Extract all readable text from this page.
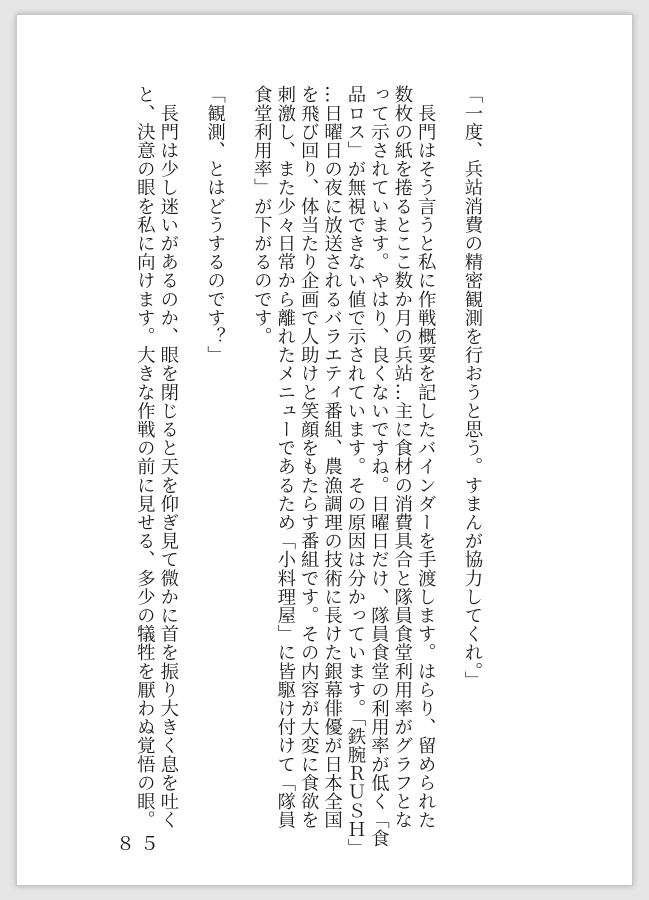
「一度、兵站消費の精密観測を行おうと思う。すまんが協力してくれ。」
　長門はそう言うと私に作戦概要を記したバインダーを手渡します。はらり、留められた
数枚の紙を捲るとここ数か月の兵站…主に食材の消費具合と隊員食堂利用率がグラフとな
って示されています。やはり、良くないですね。日曜日だけ、隊員食堂の利用率が低く「食
品ロス」が無視できない値で示されています。その原因は分かっています。「鉄腕ＲＵＳＨ」
…日曜日の夜に放送されるバラエティ番組、農漁調理の技術に長けた銀幕俳優が日本全国
を飛び回り、体当たり企画で人助けと笑顔をもたらす番組です。その内容が大変に食欲を
刺激し、また少々日常から離れたメニューであるため「小料理屋」に皆駆け付けて「隊員
食堂利用率」が下がるのです。
「観測、とはどうするのです？」
　長門は少し迷いがあるのか、眼を閉じると天を仰ぎ見て微かに首を振り大きく息を吐く
と、決意の眼を私に向けます。大きな作戦の前に見せる、多少の犠牲を厭わぬ覚悟の眼。
８５
